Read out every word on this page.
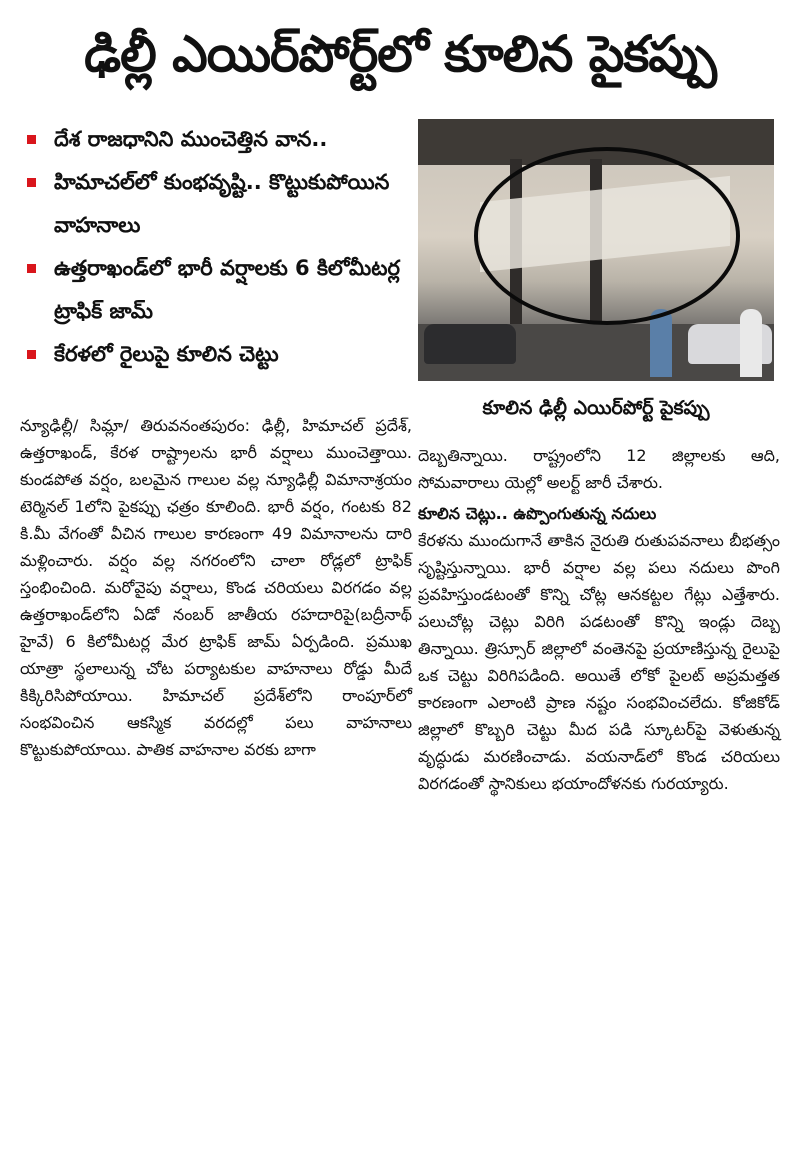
ఢిల్లీ ఎయిర్‌పోర్ట్‌లో కూలిన పైకప్పు
దేశ రాజధానిని ముంచెత్తిన వాన..
హిమాచల్‌లో కుంభవృష్టి.. కొట్టుకుపోయిన వాహనాలు
ఉత్తరాఖండ్‌లో భారీ వర్షాలకు 6 కిలోమీటర్ల ట్రాఫిక్ జామ్
కేరళలో రైలుపై కూలిన చెట్టు
కూలిన ఢిల్లీ ఎయిర్‌పోర్ట్ పైకప్పు

న్యూఢిల్లీ/ సిమ్లా/ తిరువనంతపురం: ఢిల్లీ, హిమాచల్ ప్రదేశ్, ఉత్తరాఖండ్, కేరళ రాష్ట్రాలను భారీ వర్షాలు ముంచెత్తాయి. కుండపోత వర్షం, బలమైన గాలుల వల్ల న్యూఢిల్లీ విమానాశ్రయం టెర్మినల్ 1లోని పైకప్పు ఛత్రం కూలింది. భారీ వర్షం, గంటకు 82 కి.మీ వేగంతో వీచిన గాలుల కారణంగా 49 విమానాలను దారి మళ్లించారు. వర్షం వల్ల నగరంలోని చాలా రోడ్లలో ట్రాఫిక్ స్తంభించింది. మరోవైపు వర్షాలు, కొండ చరియలు విరగడం వల్ల ఉత్తరాఖండ్‌లోని ఏడో నంబర్ జాతీయ రహదారిపై(బద్రీనాథ్ హైవే) 6 కిలోమీటర్ల మేర ట్రాఫిక్ జామ్ ఏర్పడింది. ప్రముఖ యాత్రా స్థలాలున్న చోట పర్యాటకుల వాహనాలు రోడ్డు మీదే కిక్కిరిసిపోయాయి. హిమాచల్ ప్రదేశ్‌లోని రాంపూర్‌లో సంభవించిన ఆకస్మిక వరదల్లో పలు వాహనాలు కొట్టుకుపోయాయి. పాతిక వాహనాల వరకు బాగా

దెబ్బతిన్నాయి. రాష్ట్రంలోని 12 జిల్లాలకు ఆది, సోమవారాలు యెల్లో అలర్ట్ జారీ చేశారు.

కూలిన చెట్లు.. ఉప్పొంగుతున్న నదులు

కేరళను ముందుగానే తాకిన నైరుతి రుతుపవనాలు బీభత్సం సృష్టిస్తున్నాయి. భారీ వర్షాల వల్ల పలు నదులు పొంగి ప్రవహిస్తుండటంతో కొన్ని చోట్ల ఆనకట్టల గేట్లు ఎత్తేశారు. పలుచోట్ల చెట్లు విరిగి పడటంతో కొన్ని ఇండ్లు దెబ్బ తిన్నాయి. త్రిస్సూర్ జిల్లాలో వంతెనపై ప్రయాణిస్తున్న రైలుపై ఒక చెట్టు విరిగిపడింది. అయితే లోకో పైలట్ అప్రమత్తత కారణంగా ఎలాంటి ప్రాణ నష్టం సంభవించలేదు. కోజికోడ్ జిల్లాలో కొబ్బరి చెట్టు మీద పడి స్కూటర్‌పై వెళుతున్న వృద్ధుడు మరణించాడు. వయనాడ్‌లో కొండ చరియలు విరగడంతో స్థానికులు భయాందోళనకు గురయ్యారు.
